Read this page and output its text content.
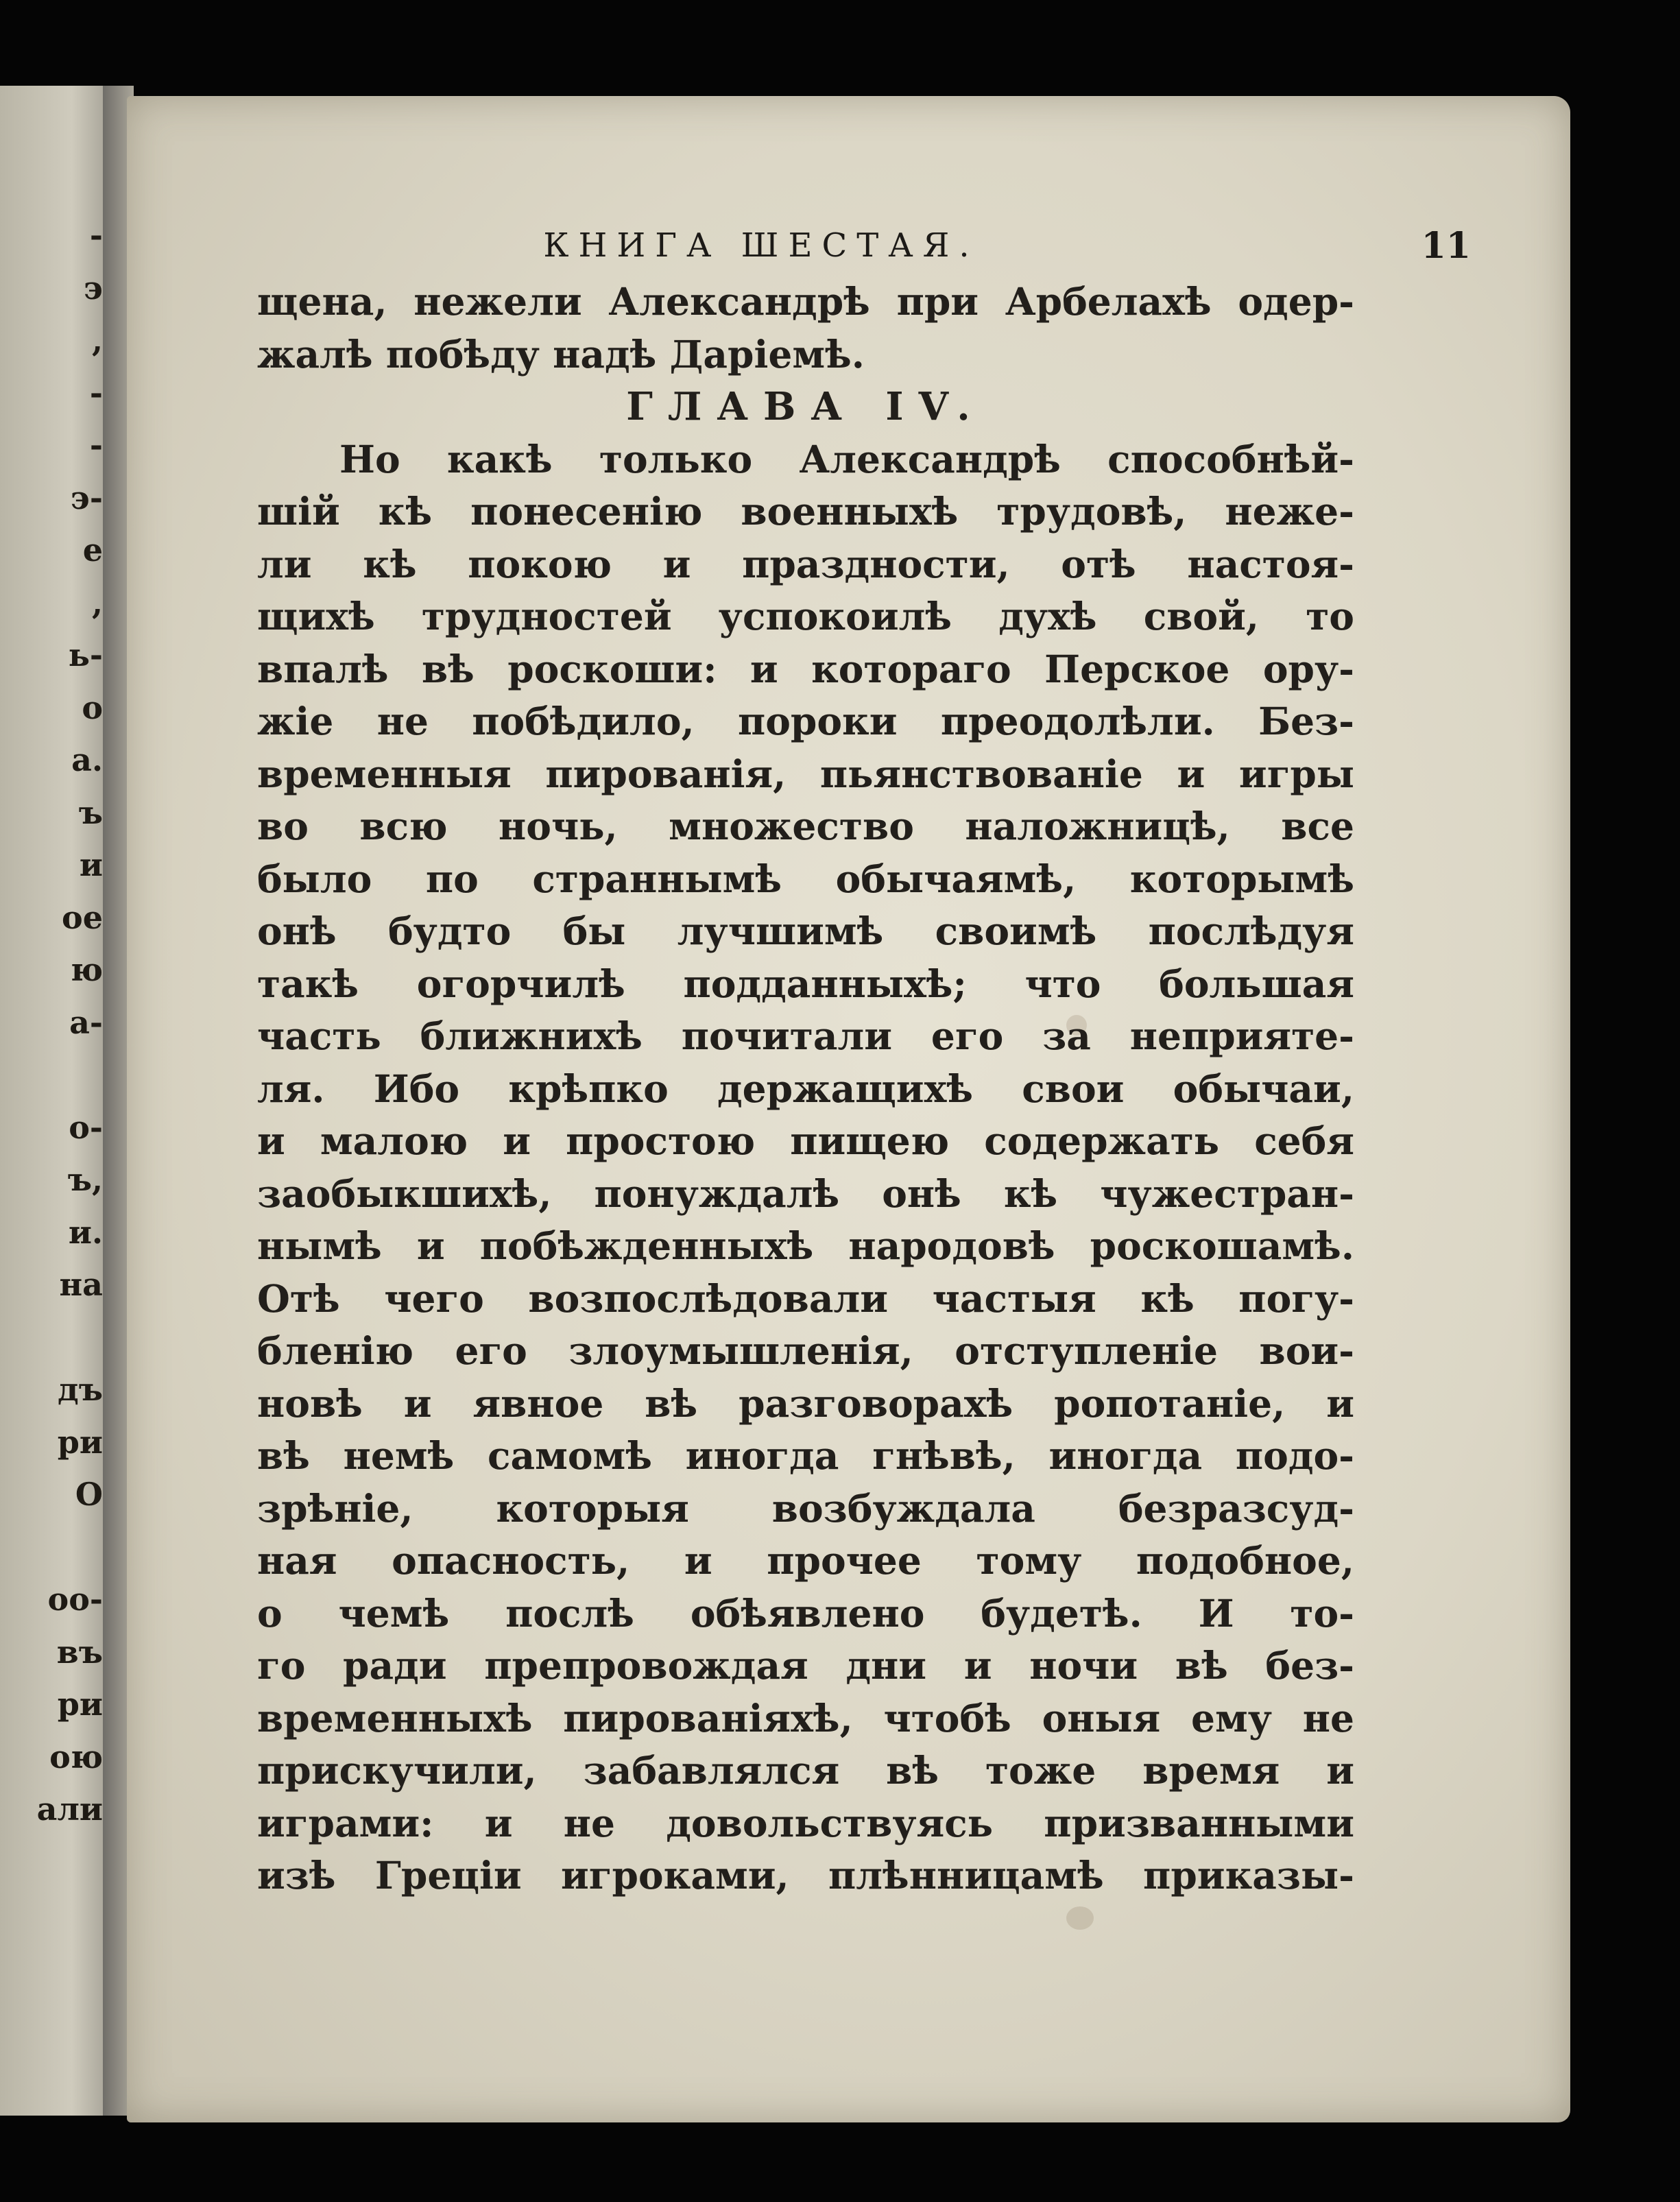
-
э
,
-
-
э-
е
,
ь-
о
a.
ъ
и
ое
ю
a-
о-
ъ,
и.
на
дъ
ри
О
оо-
въ
ри
ою
али
КНИГА ШЕСТАЯ.	11
щена, нежели Александрѣ при Арбелахѣ одер-
жалѣ побѣду надѣ Даріемѣ.
ГЛАВА IV.
Но какѣ только Александрѣ способнѣй-
шій кѣ понесенію военныхѣ трудовѣ, неже-
ли кѣ покою и праздности, отѣ настоя-
щихѣ трудностей успокоилѣ духѣ свой, то
впалѣ вѣ роскоши: и котораго Перское ору-
жіе не побѣдило, пороки преодолѣли. Без-
временныя пированія, пьянствованіе и игры
во всю ночь, множество наложницѣ, все
было по страннымѣ обычаямѣ, которымѣ
онѣ будто бы лучшимѣ своимѣ послѣдуя
такѣ огорчилѣ подданныхѣ; что большая
часть ближнихѣ почитали его за неприяте-
ля. Ибо крѣпко держащихѣ свои обычаи,
и малою и простою пищею содержать себя
заобыкшихѣ, понуждалѣ онѣ кѣ чужестран-
нымѣ и побѣжденныхѣ народовѣ роскошамѣ.
Отѣ чего возпослѣдовали частыя кѣ погу-
бленію его злоумышленія, отступленіе вои-
новѣ и явное вѣ разговорахѣ ропотаніе, и
вѣ немѣ самомѣ иногда гнѣвѣ, иногда подо-
зрѣніе, которыя возбуждала безразсуд-
ная опасность, и прочее тому подобное,
о чемѣ послѣ обѣявлено будетѣ. И то-
го ради препровождая дни и ночи вѣ без-
временныхѣ пированіяхѣ, чтобѣ оныя ему не
прискучили, забавлялся вѣ тоже время и
играми: и не довольствуясь призванными
изѣ Греціи игроками, плѣнницамѣ приказы-
